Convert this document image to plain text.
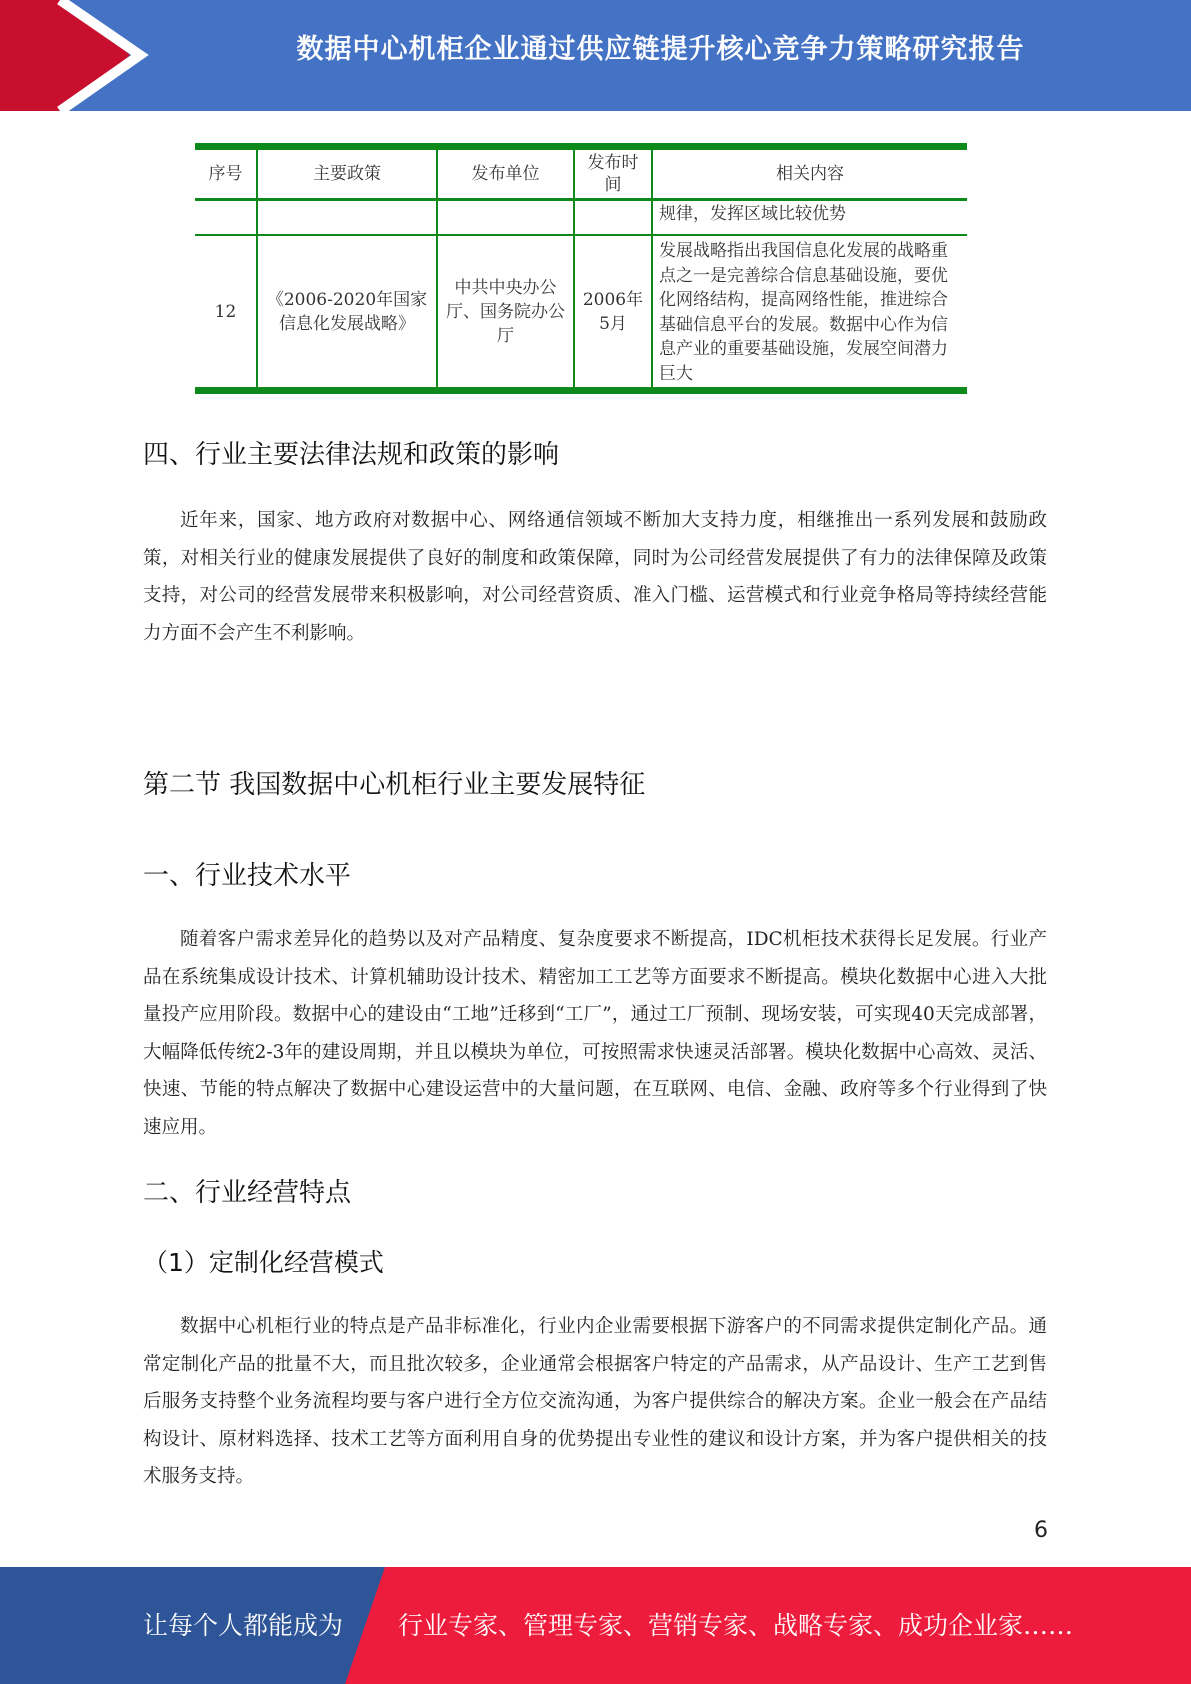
数据中心机柜企业通过供应链提升核心竞争力策略研究报告
序号	主要政策	发布单位	发布时间	相关内容
				规律，发挥区域比较优势
12	《2006-2020年国家信息化发展战略》	中共中央办公厅、国务院办公厅	2006年5月	发展战略指出我国信息化发展的战略重点之一是完善综合信息基础设施，要优化网络结构，提高网络性能，推进综合基础信息平台的发展。数据中心作为信息产业的重要基础设施，发展空间潜力巨大
四、行业主要法律法规和政策的影响

近年来，国家、地方政府对数据中心、网络通信领域不断加大支持力度，相继推出一系列发展和鼓励政策，对相关行业的健康发展提供了良好的制度和政策保障，同时为公司经营发展提供了有力的法律保障及政策支持，对公司的经营发展带来积极影响，对公司经营资质、准入门槛、运营模式和行业竞争格局等持续经营能力方面不会产生不利影响。

第二节 我国数据中心机柜行业主要发展特征
一、行业技术水平

随着客户需求差异化的趋势以及对产品精度、复杂度要求不断提高，IDC机柜技术获得长足发展。行业产品在系统集成设计技术、计算机辅助设计技术、精密加工工艺等方面要求不断提高。模块化数据中心进入大批量投产应用阶段。数据中心的建设由“工地”迁移到“工厂”，通过工厂预制、现场安装，可实现40天完成部署，大幅降低传统2-3年的建设周期，并且以模块为单位，可按照需求快速灵活部署。模块化数据中心高效、灵活、快速、节能的特点解决了数据中心建设运营中的大量问题，在互联网、电信、金融、政府等多个行业得到了快速应用。

二、行业经营特点
（1）定制化经营模式

数据中心机柜行业的特点是产品非标准化，行业内企业需要根据下游客户的不同需求提供定制化产品。通常定制化产品的批量不大，而且批次较多，企业通常会根据客户特定的产品需求，从产品设计、生产工艺到售后服务支持整个业务流程均要与客户进行全方位交流沟通，为客户提供综合的解决方案。企业一般会在产品结构设计、原材料选择、技术工艺等方面利用自身的优势提出专业性的建议和设计方案，并为客户提供相关的技术服务支持。

6
让每个人都能成为 行业专家、管理专家、营销专家、战略专家、成功企业家……
